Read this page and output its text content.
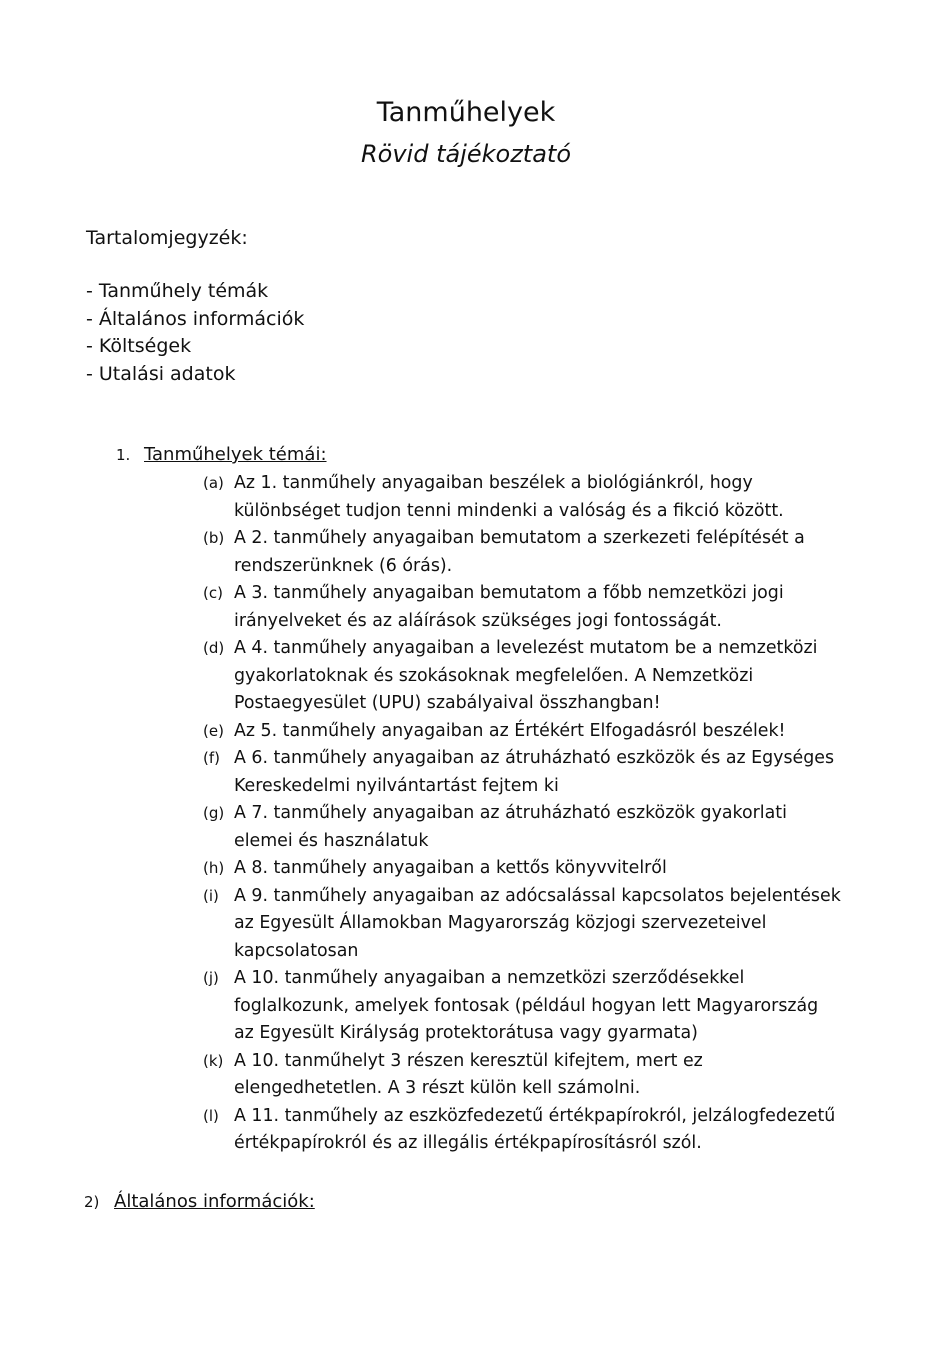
Tanműhelyek
Rövid tájékoztató
Tartalomjegyzék:
- Tanműhely témák
- Általános információk
- Költségek
- Utalási adatok
1. Tanműhelyek témái:
(a) Az 1. tanműhely anyagaiban beszélek a biológiánkról, hogy különbséget tudjon tenni mindenki a valóság és a fikció között.
(b) A 2. tanműhely anyagaiban bemutatom a szerkezeti felépítését a rendszerünknek (6 órás).
(c) A 3. tanműhely anyagaiban bemutatom a főbb nemzetközi jogi irányelveket és az aláírások szükséges jogi fontosságát.
(d) A 4. tanműhely anyagaiban a levelezést mutatom be a nemzetközi gyakorlatoknak és szokásoknak megfelelően. A Nemzetközi Postaegyesület (UPU) szabályaival összhangban!
(e) Az 5. tanműhely anyagaiban az Értékért Elfogadásról beszélek!
(f) A 6. tanműhely anyagaiban az átruházható eszközök és az Egységes Kereskedelmi nyilvántartást fejtem ki
(g) A 7. tanműhely anyagaiban az átruházható eszközök gyakorlati elemei és használatuk
(h) A 8. tanműhely anyagaiban a kettős könyvvitelről
(i) A 9. tanműhely anyagaiban az adócsalással kapcsolatos bejelentések az Egyesült Államokban Magyarország közjogi szervezeteivel kapcsolatosan
(j) A 10. tanműhely anyagaiban a nemzetközi szerződésekkel foglalkozunk, amelyek fontosak (például hogyan lett Magyarország az Egyesült Királyság protektorátusa vagy gyarmata)
(k) A 10. tanműhelyt 3 részen keresztül kifejtem, mert ez elengedhetetlen. A 3 részt külön kell számolni.
(l) A 11. tanműhely az eszközfedezetű értékpapírokról, jelzálogfedezetű értékpapírokról és az illegális értékpapírosításról szól.
2) Általános információk:
